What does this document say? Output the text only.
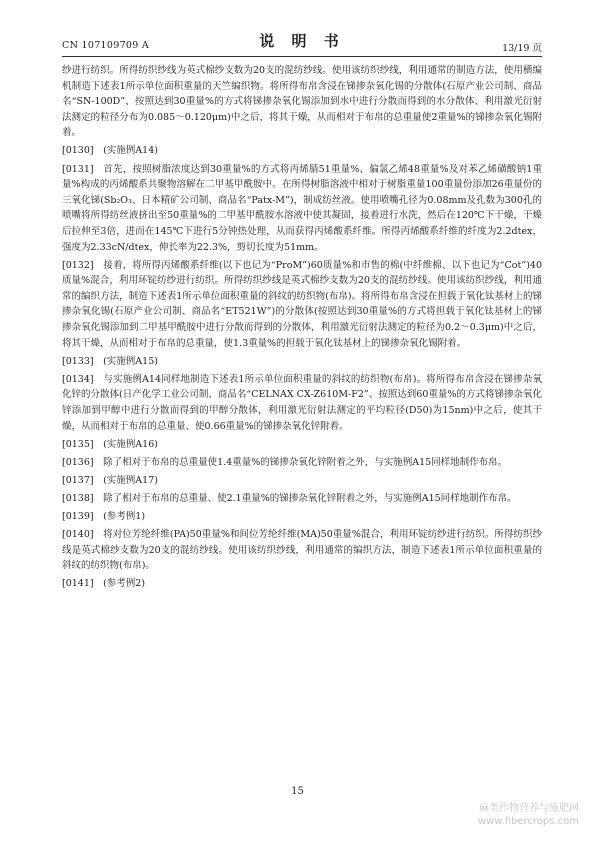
CN 107109709 A	说 明 书	13/19 页

纱进行纺织。所得纺织纱线为英式棉纱支数为20支的混纺纱线。使用该纺织纱线，利用通常的制造方法，使用横编机制造下述表1所示单位面积重量的天竺编织物。将所得布帛含浸在锑掺杂氧化锡的分散体(石原产业公司制、商品名“SN-100D”、按照达到30重量%的方式将锑掺杂氧化锡添加到水中进行分散而得到的水分散体、利用激光衍射法测定的粒径分布为0.085～0.120μm)中之后，将其干燥，从而相对于布帛的总重量使2重量%的锑掺杂氧化锡附着。

[0130]　(实施例A14)

[0131]　首先，按照树脂浓度达到30重量%的方式将丙烯腈51重量%、偏氯乙烯48重量%及对苯乙烯磺酸钠1重量%构成的丙烯酸系共聚物溶解在二甲基甲酰胺中。在所得树脂溶液中相对于树脂重量100重量份添加26重量份的三氧化锑(Sb₂O₃、日本精矿公司制、商品名“Patx-M”)，制成纺丝液。使用喷嘴孔径为0.08mm及孔数为300孔的喷嘴将所得纺丝液挤出至50重量%的二甲基甲酰胺水溶液中使其凝固，接着进行水洗，然后在120℃下干燥，干燥后拉伸至3倍，进而在145℃下进行5分钟热处理，从而获得丙烯酸系纤维。所得丙烯酸系纤维的纤度为2.2dtex，强度为2.33cN/dtex，伸长率为22.3%，剪切长度为51mm。

[0132]　接着，将所得丙烯酸系纤维(以下也记为“ProM”)60质量%和市售的棉(中纤维棉、以下也记为“Cot”)40质量%混合，利用环锭纺纱进行纺织。所得纺织纱线是英式棉纱支数为20支的混纺纱线。使用该纺织纱线，利用通常的编织方法，制造下述表1所示单位面积重量的斜纹的纺织物(布帛)。将所得布帛含浸在担载于氧化钛基材上的锑掺杂氧化锡(石原产业公司制、商品名“ET521W”)的分散体(按照达到30重量%的方式将担载于氧化钛基材上的锑掺杂氧化锡添加到二甲基甲酰胺中进行分散而得到的分散体，利用激光衍射法测定的粒径为0.2～0.3μm)中之后，将其干燥，从而相对于布帛的总重量，使1.3重量%的担载于氧化钛基材上的锑掺杂氧化锡附着。

[0133]　(实施例A15)

[0134]　与实施例A14同样地制造下述表1所示单位面积重量的斜纹的纺织物(布帛)。将所得布帛含浸在锑掺杂氧化锌的分散体(日产化学工业公司制、商品名“CELNAX CX-Z610M-F2”、按照达到60重量%的方式将锑掺杂氧化锌添加到甲醇中进行分散而得到的甲醇分散体，利用激光衍射法测定的平均粒径(D50)为15nm)中之后，使其干燥，从而相对于布帛的总重量、使0.66重量%的锑掺杂氧化锌附着。

[0135]　(实施例A16)

[0136]　除了相对于布帛的总重量使1.4重量%的锑掺杂氧化锌附着之外，与实施例A15同样地制作布帛。

[0137]　(实施例A17)

[0138]　除了相对于布帛的总重量、使2.1重量%的锑掺杂氧化锌附着之外，与实施例A15同样地制作布帛。

[0139]　(参考例1)

[0140]　将对位芳纶纤维(PA)50重量%和间位芳纶纤维(MA)50重量%混合，利用环锭纺纱进行纺织。所得纺织纱线是英式棉纱支数为20支的混纺纱线。使用该纺织纱线，利用通常的编织方法，制造下述表1所示单位面积重量的斜纹的纺织物(布帛)。

[0141]　(参考例2)

15
麻类作物营养与施肥网
www.fibercrops.com
